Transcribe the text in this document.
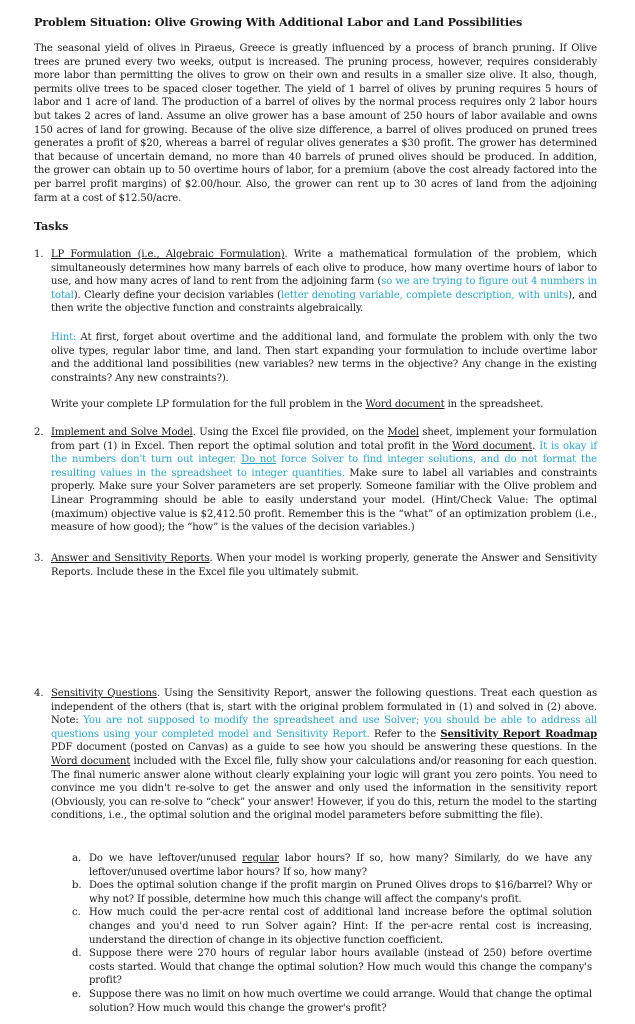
Problem Situation: Olive Growing With Additional Labor and Land Possibilities

The seasonal yield of olives in Piraeus, Greece is greatly influenced by a process of branch pruning. If Olive trees are pruned every two weeks, output is increased. The pruning process, however, requires considerably more labor than permitting the olives to grow on their own and results in a smaller size olive. It also, though, permits olive trees to be spaced closer together. The yield of 1 barrel of olives by pruning requires 5 hours of labor and 1 acre of land. The production of a barrel of olives by the normal process requires only 2 labor hours but takes 2 acres of land. Assume an olive grower has a base amount of 250 hours of labor available and owns 150 acres of land for growing. Because of the olive size difference, a barrel of olives produced on pruned trees generates a profit of $20, whereas a barrel of regular olives generates a $30 profit. The grower has determined that because of uncertain demand, no more than 40 barrels of pruned olives should be produced. In addition, the grower can obtain up to 50 overtime hours of labor, for a premium (above the cost already factored into the per barrel profit margins) of $2.00/hour. Also, the grower can rent up to 30 acres of land from the adjoining farm at a cost of $12.50/acre.

Tasks
1. LP Formulation (i.e., Algebraic Formulation). Write a mathematical formulation of the problem, which simultaneously determines how many barrels of each olive to produce, how many overtime hours of labor to use, and how many acres of land to rent from the adjoining farm (so we are trying to figure out 4 numbers in total). Clearly define your decision variables (letter denoting variable, complete description, with units), and then write the objective function and constraints algebraically.

Hint: At first, forget about overtime and the additional land, and formulate the problem with only the two olive types, regular labor time, and land. Then start expanding your formulation to include overtime labor and the additional land possibilities (new variables? new terms in the objective? Any change in the existing constraints? Any new constraints?).

Write your complete LP formulation for the full problem in the Word document in the spreadsheet.

2. Implement and Solve Model. Using the Excel file provided, on the Model sheet, implement your formulation from part (1) in Excel. Then report the optimal solution and total profit in the Word document. It is okay if the numbers don't turn out integer. Do not force Solver to find integer solutions, and do not format the resulting values in the spreadsheet to integer quantities. Make sure to label all variables and constraints properly. Make sure your Solver parameters are set properly. Someone familiar with the Olive problem and Linear Programming should be able to easily understand your model. (Hint/Check Value: The optimal (maximum) objective value is $2,412.50 profit. Remember this is the “what” of an optimization problem (i.e., measure of how good); the “how” is the values of the decision variables.)

3. Answer and Sensitivity Reports. When your model is working properly, generate the Answer and Sensitivity Reports. Include these in the Excel file you ultimately submit.

4. Sensitivity Questions. Using the Sensitivity Report, answer the following questions. Treat each question as independent of the others (that is, start with the original problem formulated in (1) and solved in (2) above. Note: You are not supposed to modify the spreadsheet and use Solver; you should be able to address all questions using your completed model and Sensitivity Report. Refer to the Sensitivity Report Roadmap PDF document (posted on Canvas) as a guide to see how you should be answering these questions. In the Word document included with the Excel file, fully show your calculations and/or reasoning for each question. The final numeric answer alone without clearly explaining your logic will grant you zero points. You need to convince me you didn't re-solve to get the answer and only used the information in the sensitivity report (Obviously, you can re-solve to “check” your answer! However, if you do this, return the model to the starting conditions, i.e., the optimal solution and the original model parameters before submitting the file).

a. Do we have leftover/unused regular labor hours? If so, how many? Similarly, do we have any leftover/unused overtime labor hours? If so, how many?

b. Does the optimal solution change if the profit margin on Pruned Olives drops to $16/barrel? Why or why not? If possible, determine how much this change will affect the company's profit.

c. How much could the per-acre rental cost of additional land increase before the optimal solution changes and you'd need to run Solver again? Hint: If the per-acre rental cost is increasing, understand the direction of change in its objective function coefficient.

d. Suppose there were 270 hours of regular labor hours available (instead of 250) before overtime costs started. Would that change the optimal solution? How much would this change the company's profit?

e. Suppose there was no limit on how much overtime we could arrange. Would that change the optimal solution? How much would this change the grower's profit?
